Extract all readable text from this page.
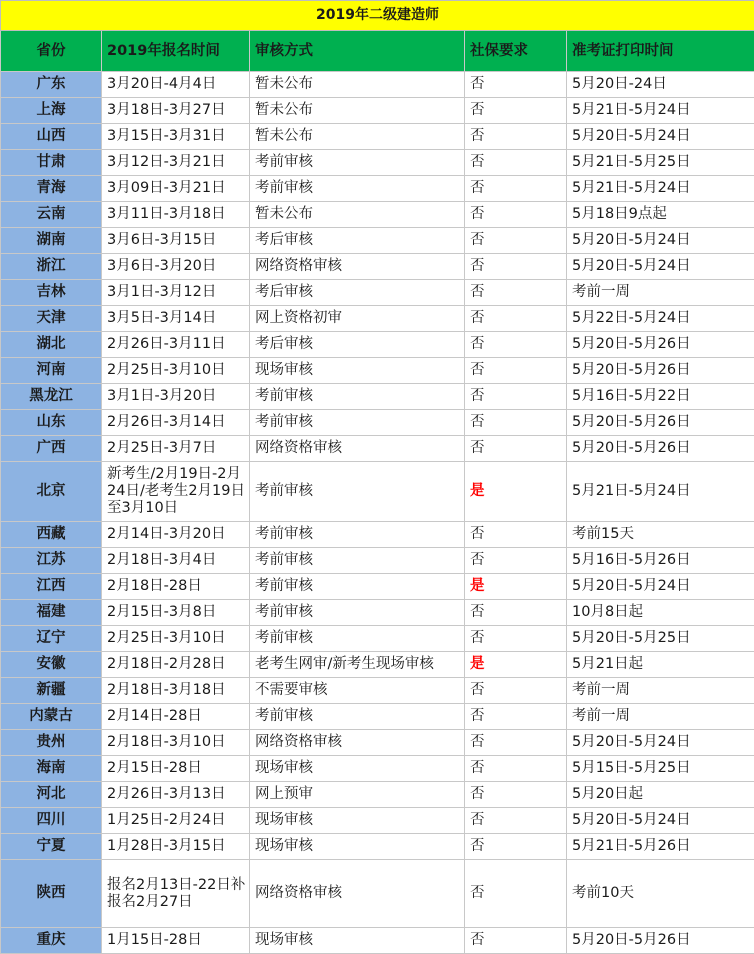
2019年二级建造师				
省份	2019年报名时间	审核方式	社保要求	准考证打印时间
广东	3月20日-4月4日	暂未公布	否	5月20日-24日
上海	3月18日-3月27日	暂未公布	否	5月21日-5月24日
山西	3月15日-3月31日	暂未公布	否	5月20日-5月24日
甘肃	3月12日-3月21日	考前审核	否	5月21日-5月25日
青海	3月09日-3月21日	考前审核	否	5月21日-5月24日
云南	3月11日-3月18日	暂未公布	否	5月18日9点起
湖南	3月6日-3月15日	考后审核	否	5月20日-5月24日
浙江	3月6日-3月20日	网络资格审核	否	5月20日-5月24日
吉林	3月1日-3月12日	考后审核	否	考前一周
天津	3月5日-3月14日	网上资格初审	否	5月22日-5月24日
湖北	2月26日-3月11日	考后审核	否	5月20日-5月26日
河南	2月25日-3月10日	现场审核	否	5月20日-5月26日
黑龙江	3月1日-3月20日	考前审核	否	5月16日-5月22日
山东	2月26日-3月14日	考前审核	否	5月20日-5月26日
广西	2月25日-3月7日	网络资格审核	否	5月20日-5月26日
北京	新考生/2月19日-2月24日/老考生2月19日至3月10日	考前审核	是	5月21日-5月24日
西藏	2月14日-3月20日	考前审核	否	考前15天
江苏	2月18日-3月4日	考前审核	否	5月16日-5月26日
江西	2月18日-28日	考前审核	是	5月20日-5月24日
福建	2月15日-3月8日	考前审核	否	10月8日起
辽宁	2月25日-3月10日	考前审核	否	5月20日-5月25日
安徽	2月18日-2月28日	老考生网审/新考生现场审核	是	5月21日起
新疆	2月18日-3月18日	不需要审核	否	考前一周
内蒙古	2月14日-28日	考前审核	否	考前一周
贵州	2月18日-3月10日	网络资格审核	否	5月20日-5月24日
海南	2月15日-28日	现场审核	否	5月15日-5月25日
河北	2月26日-3月13日	网上预审	否	5月20日起
四川	1月25日-2月24日	现场审核	否	5月20日-5月24日
宁夏	1月28日-3月15日	现场审核	否	5月21日-5月26日
陕西	报名2月13日-22日补报名2月27日	网络资格审核	否	考前10天
重庆	1月15日-28日	现场审核	否	5月20日-5月26日
